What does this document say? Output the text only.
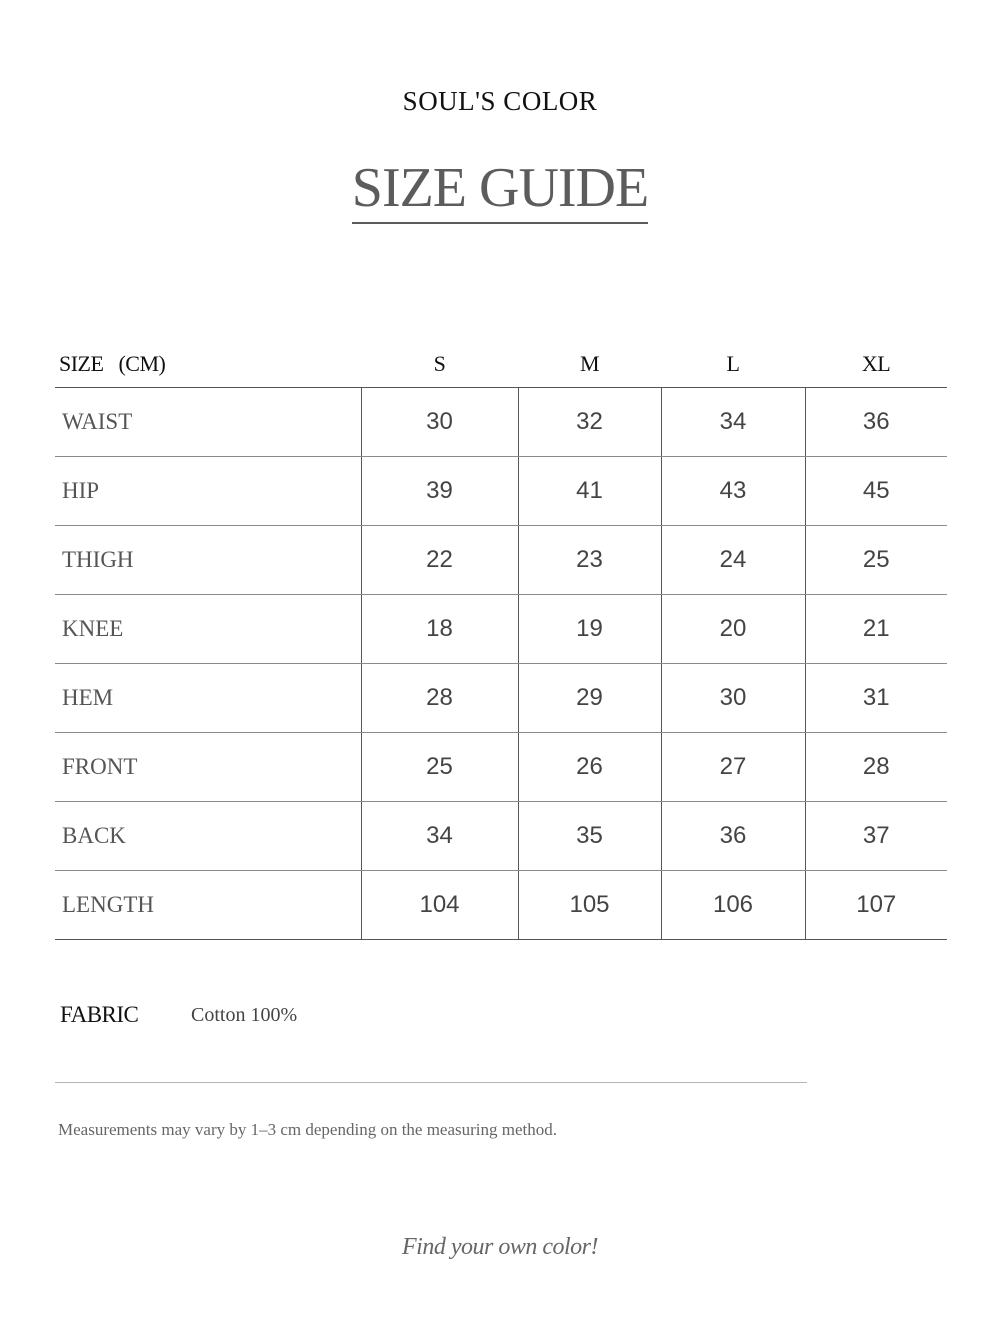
SOUL'S COLOR
SIZE GUIDE
SIZE   (CM)	S	M	L	XL
WAIST	30	32	34	36
HIP	39	41	43	45
THIGH	22	23	24	25
KNEE	18	19	20	21
HEM	28	29	30	31
FRONT	25	26	27	28
BACK	34	35	36	37
LENGTH	104	105	106	107
FABRIC	Cotton 100%
Measurements may vary by 1–3 cm depending on the measuring method.
Find your own color!
